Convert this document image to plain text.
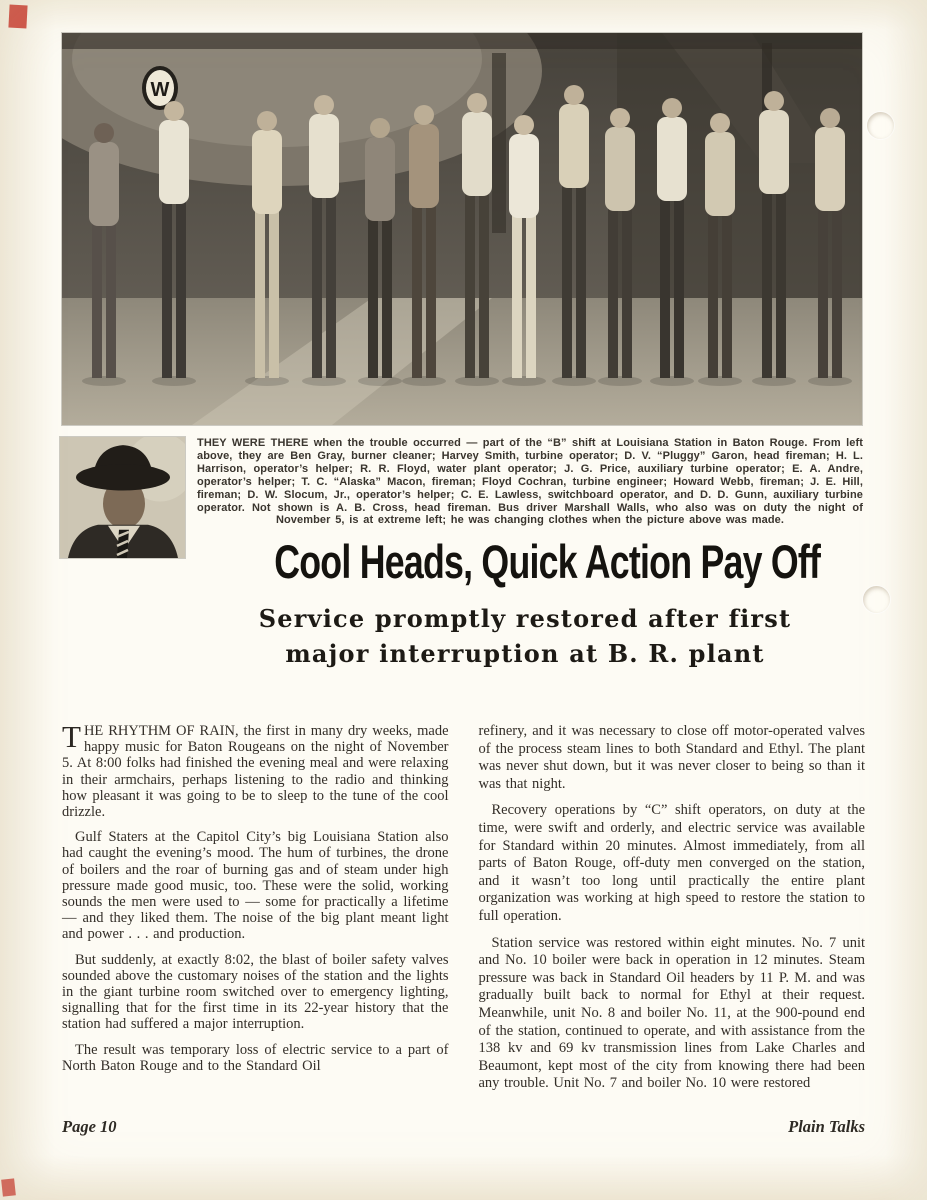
W

THEY WERE THERE when the trouble occurred — part of the “B” shift at Louisiana Station in Baton Rouge. From left above, they are Ben Gray, burner cleaner; Harvey Smith, turbine operator; D. V. “Pluggy” Garon, head fireman; H. L. Harrison, operator’s helper; R. R. Floyd, water plant operator; J. G. Price, auxiliary turbine operator; E. A. Andre, operator’s helper; T. C. “Alaska” Macon, fireman; Floyd Cochran, turbine engineer; Howard Webb, fireman; J. E. Hill, fireman; D. W. Slocum, Jr., operator’s helper; C. E. Lawless, switchboard operator, and D. D. Gunn, auxiliary turbine operator. Not shown is A. B. Cross, head fireman. Bus driver Marshall Walls, who also was on duty the night of November 5, is at extreme left; he was changing clothes when the picture above was made.

Cool Heads, Quick Action Pay Off
Service promptly restored after first
major interruption at B. R. plant

THE RHYTHM OF RAIN, the first in many dry weeks, made happy music for Baton Rougeans on the night of November 5. At 8:00 folks had finished the evening meal and were relaxing in their armchairs, perhaps listening to the radio and thinking how pleasant it was going to be to sleep to the tune of the cool drizzle.

Gulf Staters at the Capitol City’s big Louisiana Station also had caught the evening’s mood. The hum of turbines, the drone of boilers and the roar of burning gas and of steam under high pressure made good music, too. These were the solid, working sounds the men were used to — some for practically a lifetime — and they liked them. The noise of the big plant meant light and power . . . and production.

But suddenly, at exactly 8:02, the blast of boiler safety valves sounded above the customary noises of the station and the lights in the giant turbine room switched over to emergency lighting, signalling that for the first time in its 22-year history that the station had suffered a major interruption.

The result was temporary loss of electric service to a part of North Baton Rouge and to the Standard Oil

refinery, and it was necessary to close off motor-operated valves of the process steam lines to both Standard and Ethyl. The plant was never shut down, but it was never closer to being so than it was that night.

Recovery operations by “C” shift operators, on duty at the time, were swift and orderly, and electric service was available for Standard within 20 minutes. Almost immediately, from all parts of Baton Rouge, off-duty men converged on the station, and it wasn’t too long until practically the entire plant organization was working at high speed to restore the station to full operation.

Station service was restored within eight minutes. No. 7 unit and No. 10 boiler were back in operation in 12 minutes. Steam pressure was back in Standard Oil headers by 11 P. M. and was gradually built back to normal for Ethyl at their request. Meanwhile, unit No. 8 and boiler No. 11, at the 900-pound end of the station, continued to operate, and with assistance from the 138 kv and 69 kv transmission lines from Lake Charles and Beaumont, kept most of the city from knowing there had been any trouble. Unit No. 7 and boiler No. 10 were restored

Page 10	Plain Talks
